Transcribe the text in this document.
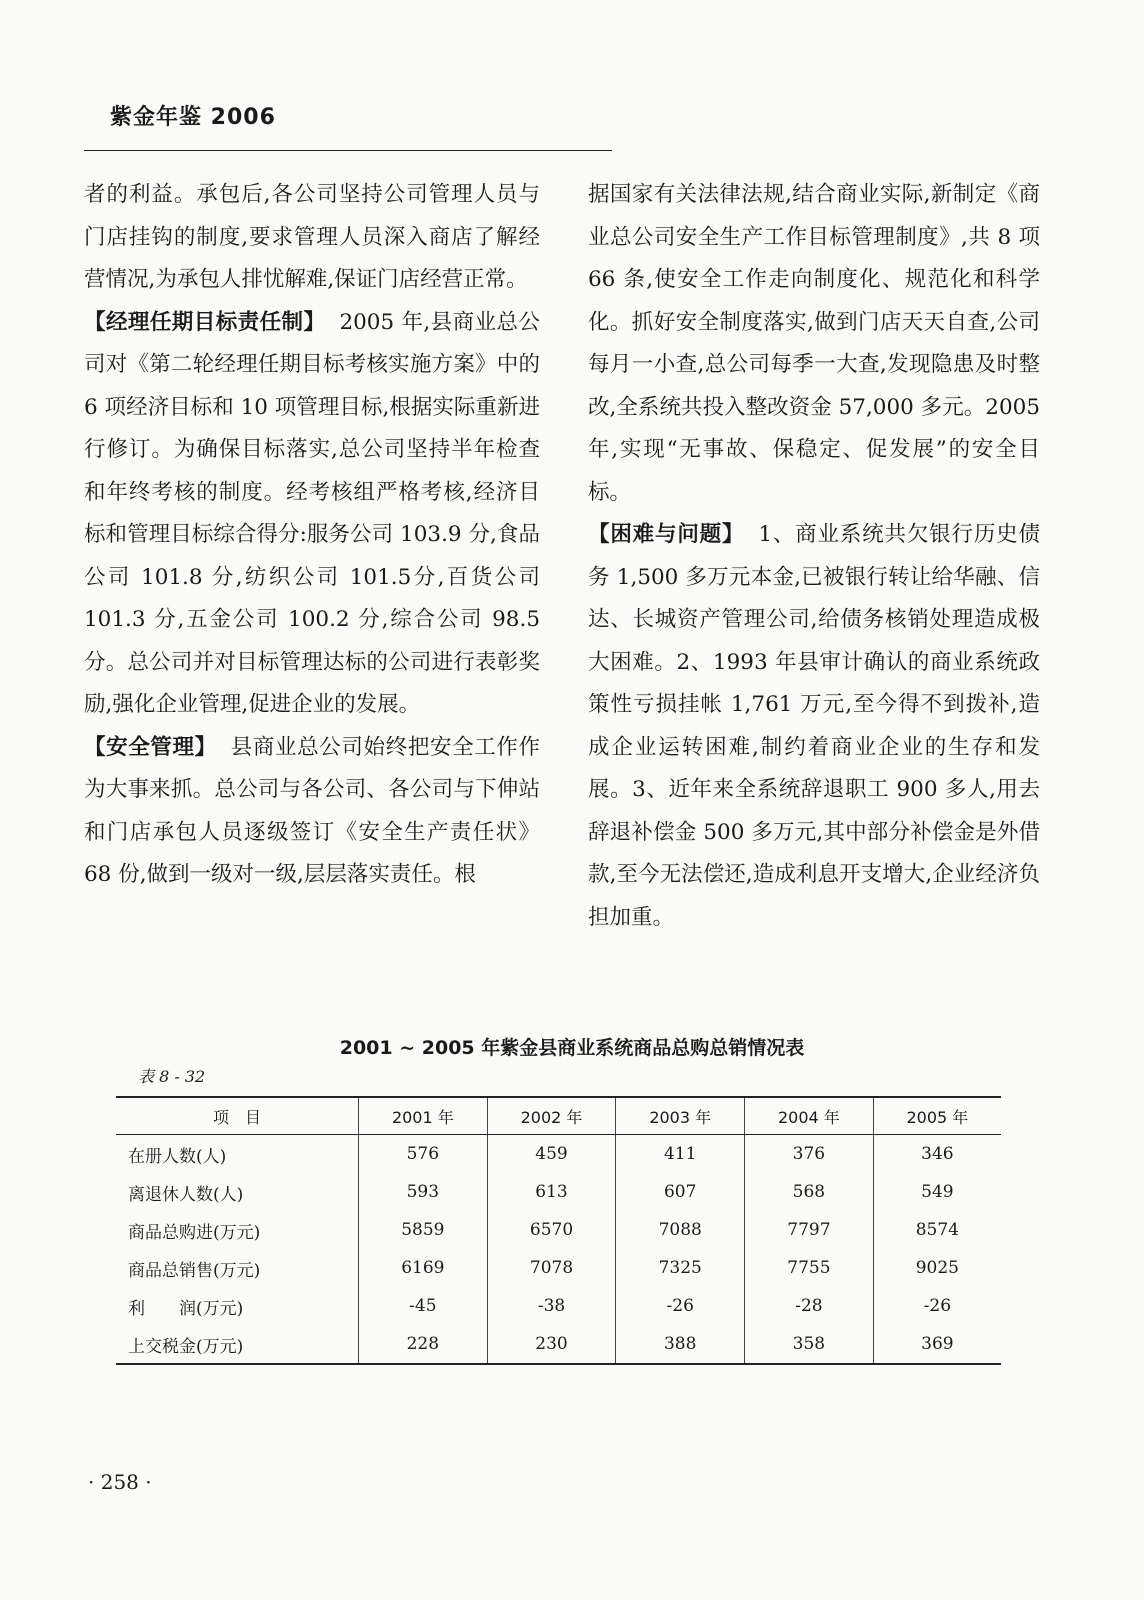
紫金年鉴 2006

者的利益。承包后,各公司坚持公司管理人员与门店挂钩的制度,要求管理人员深入商店了解经营情况,为承包人排忧解难,保证门店经营正常。

【经理任期目标责任制】 2005 年,县商业总公司对《第二轮经理任期目标考核实施方案》中的 6 项经济目标和 10 项管理目标,根据实际重新进行修订。为确保目标落实,总公司坚持半年检查和年终考核的制度。经考核组严格考核,经济目标和管理目标综合得分:服务公司 103.9 分,食品公司 101.8 分,纺织公司 101.5分,百货公司 101.3 分,五金公司 100.2 分,综合公司 98.5 分。总公司并对目标管理达标的公司进行表彰奖励,强化企业管理,促进企业的发展。

【安全管理】 县商业总公司始终把安全工作作为大事来抓。总公司与各公司、各公司与下伸站和门店承包人员逐级签订《安全生产责任状》68 份,做到一级对一级,层层落实责任。根

据国家有关法律法规,结合商业实际,新制定《商业总公司安全生产工作目标管理制度》,共 8 项 66 条,使安全工作走向制度化、规范化和科学化。抓好安全制度落实,做到门店天天自查,公司每月一小查,总公司每季一大查,发现隐患及时整改,全系统共投入整改资金 57,000 多元。2005 年,实现“无事故、保稳定、促发展”的安全目标。

【困难与问题】 1、商业系统共欠银行历史债务 1,500 多万元本金,已被银行转让给华融、信达、长城资产管理公司,给债务核销处理造成极大困难。2、1993 年县审计确认的商业系统政策性亏损挂帐 1,761 万元,至今得不到拨补,造成企业运转困难,制约着商业企业的生存和发展。3、近年来全系统辞退职工 900 多人,用去辞退补偿金 500 多万元,其中部分补偿金是外借款,至今无法偿还,造成利息开支增大,企业经济负担加重。

2001 ~ 2005 年紫金县商业系统商品总购总销情况表
表 8 - 32
项　目	2001 年	2002 年	2003 年	2004 年	2005 年
在册人数(人)	576	459	411	376	346
离退休人数(人)	593	613	607	568	549
商品总购进(万元)	5859	6570	7088	7797	8574
商品总销售(万元)	6169	7078	7325	7755	9025
利　　润(万元)	-45	-38	-26	-28	-26
上交税金(万元)	228	230	388	358	369
· 258 ·
